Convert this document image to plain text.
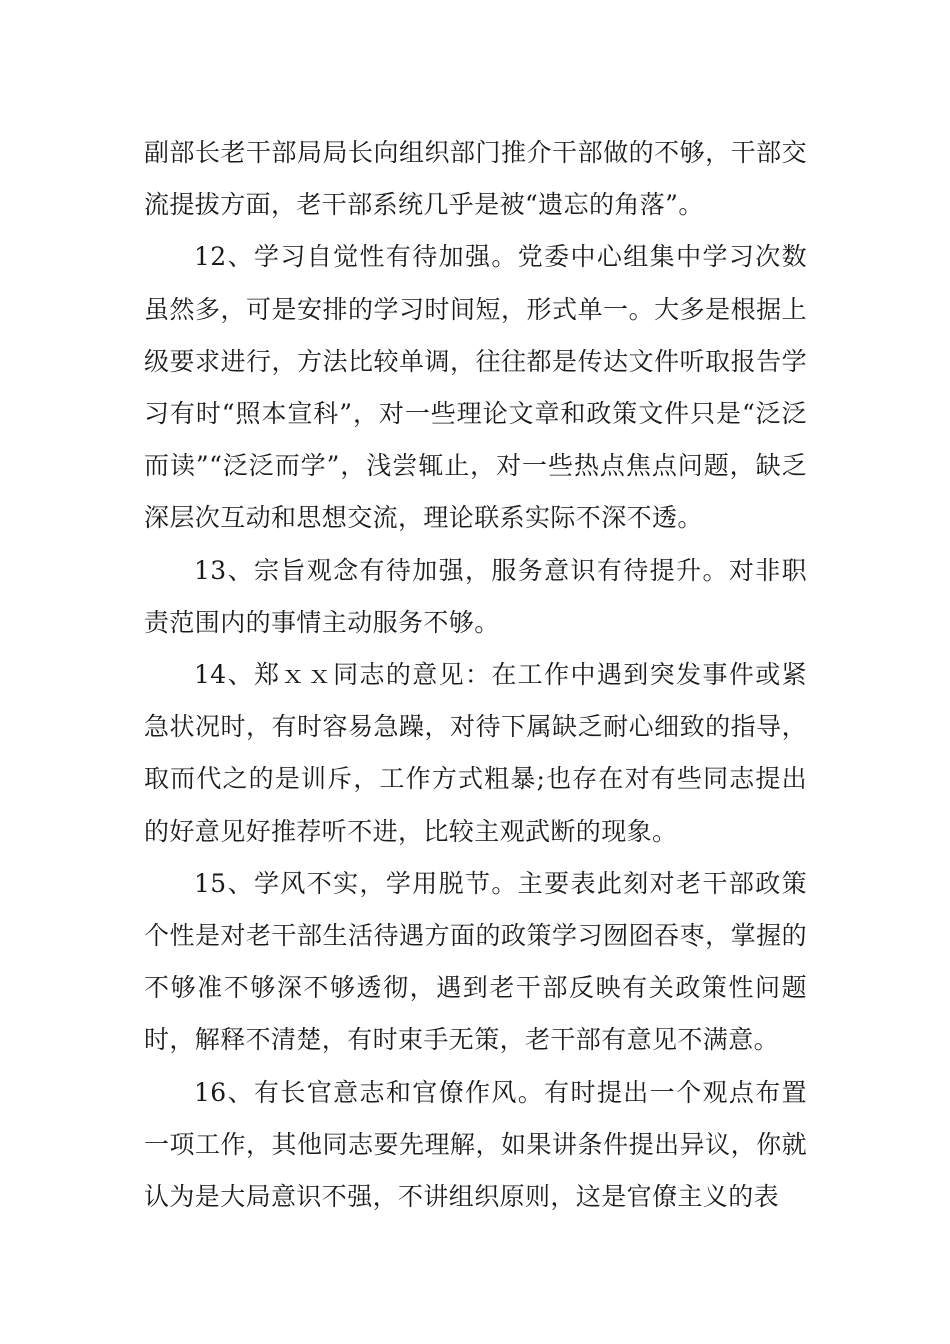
副部长老干部局局长向组织部门推介干部做的不够，干部交流提拔方面，老干部系统几乎是被“遗忘的角落”。

12、学习自觉性有待加强。党委中心组集中学习次数虽然多，可是安排的学习时间短，形式单一。大多是根据上级要求进行，方法比较单调，往往都是传达文件听取报告学习有时“照本宣科”，对一些理论文章和政策文件只是“泛泛而读”“泛泛而学”，浅尝辄止，对一些热点焦点问题，缺乏深层次互动和思想交流，理论联系实际不深不透。

13、宗旨观念有待加强，服务意识有待提升。对非职责范围内的事情主动服务不够。

14、郑ｘｘ同志的意见：在工作中遇到突发事件或紧急状况时，有时容易急躁，对待下属缺乏耐心细致的指导，取而代之的是训斥，工作方式粗暴;也存在对有些同志提出的好意见好推荐听不进，比较主观武断的现象。

15、学风不实，学用脱节。主要表此刻对老干部政策个性是对老干部生活待遇方面的政策学习囫囵吞枣，掌握的不够准不够深不够透彻，遇到老干部反映有关政策性问题时，解释不清楚，有时束手无策，老干部有意见不满意。

16、有长官意志和官僚作风。有时提出一个观点布置一项工作，其他同志要先理解，如果讲条件提出异议，你就认为是大局意识不强，不讲组织原则，这是官僚主义的表
